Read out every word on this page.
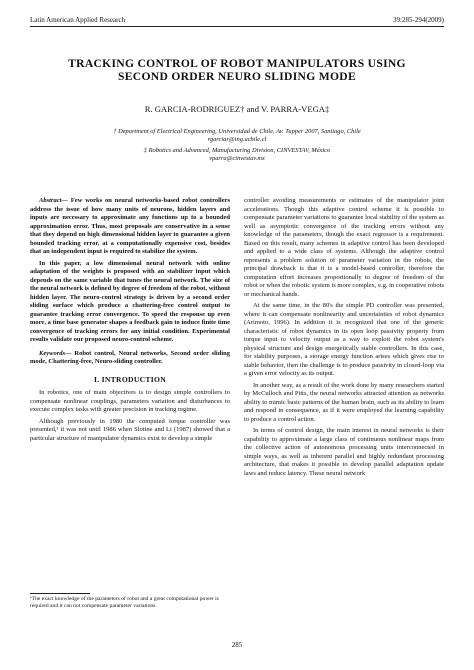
Latin American Applied Research	39:285-294(2009)
TRACKING CONTROL OF ROBOT MANIPULATORS USING
SECOND ORDER NEURO SLIDING MODE
R. GARCIA-RODRIGUEZ† and V. PARRA-VEGA‡
† Department of Electrical Engineering, Universidad de Chile, Av. Tupper 2007, Santiago, Chile
rgarciar@ing.uchile.cl
‡ Robotics and Advanced, Manufacturing Division, CINVESTAV, México
vparra@cinvestav.mx

Abstract— Few works on neural networks-based robot controllers address the issue of how many units of neurons, hidden layers and inputs are necessary to approximate any functions up to a bounded approximation error. Thus, most proposals are conservative in a sense that they depend on high dimensional hidden layer to guarantee a given bounded tracking error, at a computationally expensive cost, besides that an independent input is required to stabilize the system.

In this paper, a low dimensional neural network with online adaptation of the weights is proposed with an stabilizer input which depends on the same variable that tunes the neural network. The size of the neural network is defined by degree of freedom of the robot, without hidden layer. The neuro-control strategy is driven by a second order sliding surface which produce a chattering-free control output to guarantee tracking error convergence. To speed the response up even more, a time base generator shapes a feedback gain to induce finite time convergence of tracking errors for any initial condition. Experimental results validate our proposed neuro-control scheme.

Keywords— Robot control, Neural networks, Second order sliding mode, Chattering-free, Neuro-sliding controller.

I. INTRODUCTION

In robotics, one of main objectives is to design simple controllers to compensate nonlinear couplings, parameters variation and disturbances to execute complex tasks with greater precision in tracking regime.

Although previously in 1980 the computed torque controller was presented,¹ it was not until 1986 when Slotine and Li (1987) showed that a particular structure of manipulator dynamics exist to develop a simple

controller avoiding measurements or estimates of the manipulator joint accelerations. Though this adaptive control scheme it is possible to compensate parameter variations to guarantee local stability of the system as well as asymptotic convergence of the tracking errors without any knowledge of the parameters, though the exact regressor is a requirement. Based on this result, many schemes in adaptive control has been developed and applied to a wide class of systems. Although the adaptive control represents a problem solution of parameter variation in the robots, the principal drawback is that it is a model-based controller, therefore the computation effort increases proportionally to degree of freedom of the robot or when the robotic system is more complex, e.g. in cooperative robots or mechanical hands.

At the same time, in the 80's the simple PD controller was presented, where it can compensate nonlinearity and uncertainties of robot dynamics (Arimoto, 1996). In addition it is recognized that one of the generic characteristic of robot dynamics in its open loop passivity property from torque input to velocity output as a way to exploit the robot system's physical structure and design energetically stable controllers. In this case, for stability purposes, a storage energy function arises which gives rise to stable behavior, then the challenge is to produce passivity in closed-loop via a given error velocity as its output.

In another way, as a result of the work done by many researchers started by McCulloch and Pitts, the neural networks attracted attention as networks ability to mimic basic patterns of the human brain, such as its ability to learn and respond in consequence, as if it were employed the learning capability to produce a control action.

In terms of control design, the main interest in neural networks is their capability to approximate a large class of continuous nonlinear maps from the collective action of autonomous processing units interconnected in simple ways, as well as inherent parallel and highly redundant processing architecture, that makes it possible to develop parallel adaptation update laws and reduce latency. These neural network

¹The exact knowledge of the parameters of robot and a great computational power is required and it can not compensate parameter variations.
285
